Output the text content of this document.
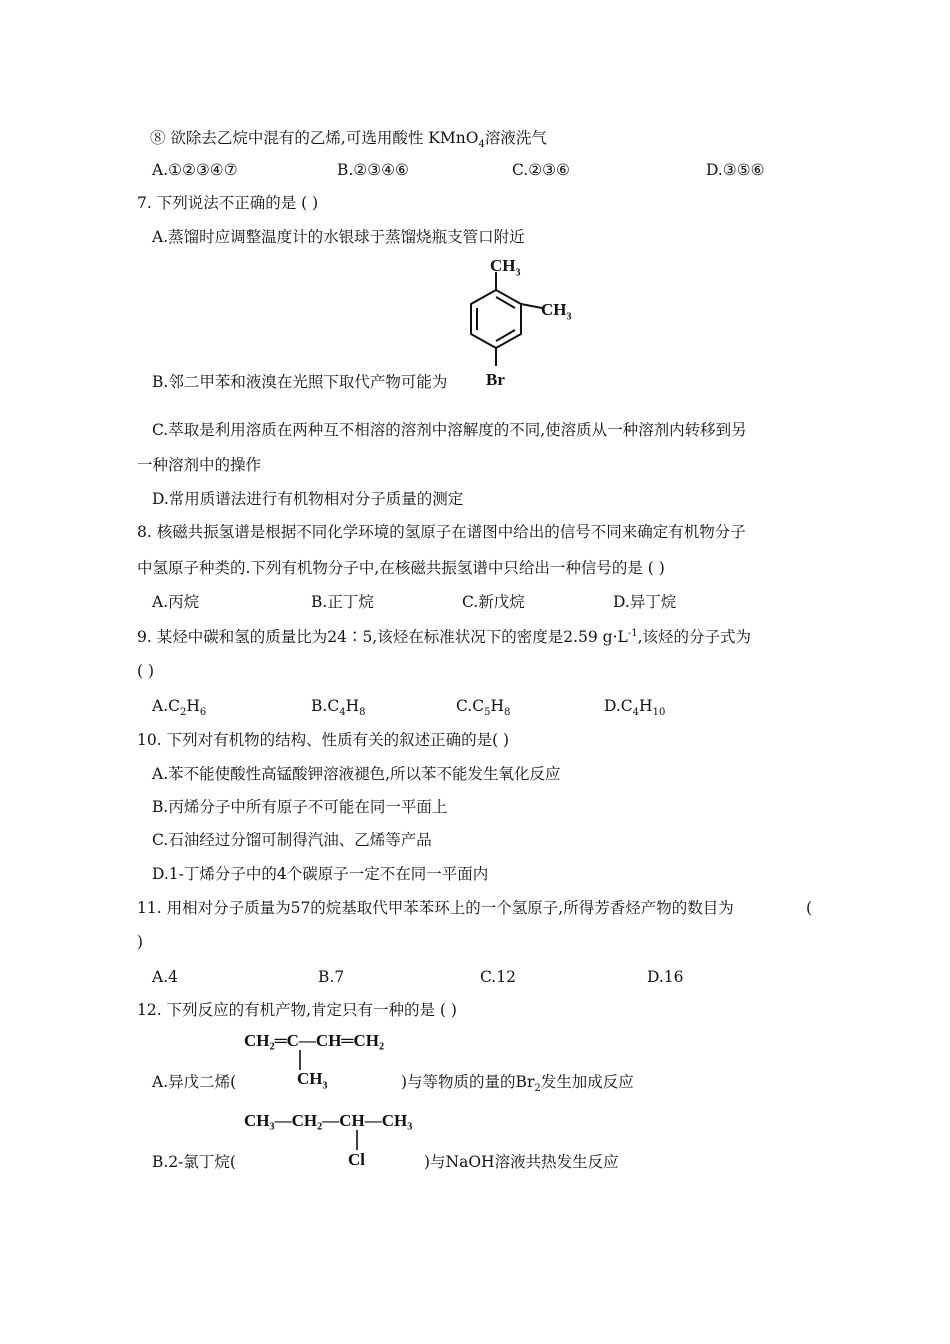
⑧ 欲除去乙烷中混有的乙烯,可选用酸性 KMnO$_4$溶液洗气
A.①②③④⑦	B.②③④⑥	C.②③⑥	D.③⑤⑥
7. 下列说法不正确的是 ( )
A.蒸馏时应调整温度计的水银球于蒸馏烧瓶支管口附近
$CH_3$
$CH_3$
Br
B.邻二甲苯和液溴在光照下取代产物可能为
C.萃取是利用溶质在两种互不相溶的溶剂中溶解度的不同,使溶质从一种溶剂内转移到另
一种溶剂中的操作
D.常用质谱法进行有机物相对分子质量的测定
8. 核磁共振氢谱是根据不同化学环境的氢原子在谱图中给出的信号不同来确定有机物分子
中氢原子种类的.下列有机物分子中,在核磁共振氢谱中只给出一种信号的是 ( )
A.丙烷	B.正丁烷	C.新戊烷	D.异丁烷
9. 某烃中碳和氢的质量比为24∶5,该烃在标准状况下的密度是2.59 $g\cdot L^{-1}$,该烃的分子式为
( )
$A.C_2H_6$	$B.C_4H_8$	$C.C_5H_8$	$D.C_4H_{10}$
10. 下列对有机物的结构、性质有关的叙述正确的是( )
A.苯不能使酸性高锰酸钾溶液褪色,所以苯不能发生氧化反应
B.丙烯分子中所有原子不可能在同一平面上
C.石油经过分馏可制得汽油、乙烯等产品
D.1-丁烯分子中的4个碳原子一定不在同一平面内
11. 用相对分子质量为57的烷基取代甲苯苯环上的一个氢原子,所得芳香烃产物的数目为	(
)
A.4	B.7	C.12	D.16
12. 下列反应的有机产物,肯定只有一种的是 ( )
CH₂═C—CH═CH₂
$CH_3$
A.异戊二烯(	)与等物质的量的$Br_2$发生加成反应
CH₃—CH₂—CH—CH₃
Cl
B.2-氯丁烷(	)与NaOH溶液共热发生反应
